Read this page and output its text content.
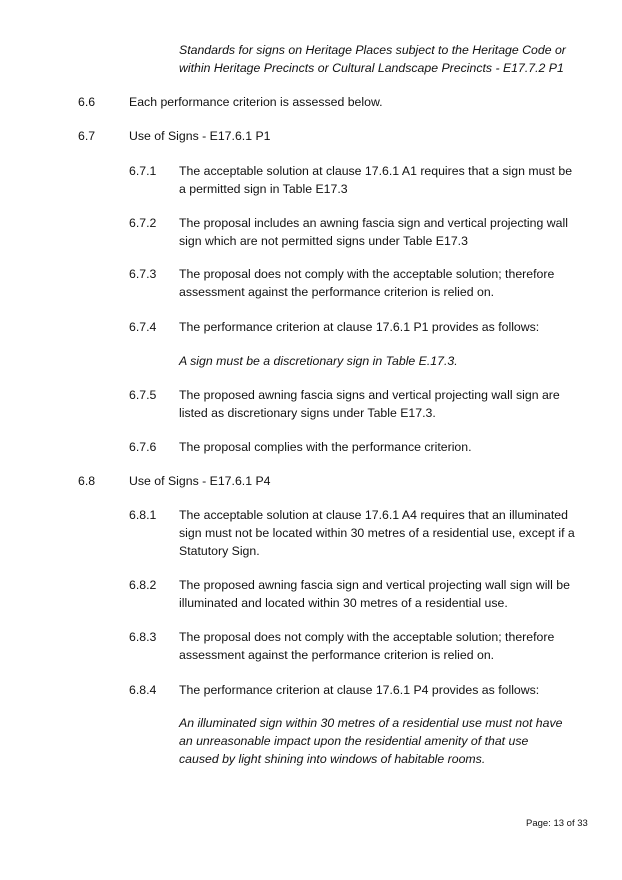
Standards for signs on Heritage Places subject to the Heritage Code or
within Heritage Precincts or Cultural Landscape Precincts - E17.7.2 P1
6.6	Each performance criterion is assessed below.
6.7	Use of Signs - E17.6.1 P1
6.7.1 The acceptable solution at clause 17.6.1 A1 requires that a sign must be
a permitted sign in Table E17.3
6.7.2 The proposal includes an awning fascia sign and vertical projecting wall
sign which are not permitted signs under Table E17.3
6.7.3 The proposal does not comply with the acceptable solution; therefore
assessment against the performance criterion is relied on.
6.7.4 The performance criterion at clause 17.6.1 P1 provides as follows:
A sign must be a discretionary sign in Table E.17.3.
6.7.5 The proposed awning fascia signs and vertical projecting wall sign are
listed as discretionary signs under Table E17.3.
6.7.6 The proposal complies with the performance criterion.
6.8	Use of Signs - E17.6.1 P4
6.8.1 The acceptable solution at clause 17.6.1 A4 requires that an illuminated
sign must not be located within 30 metres of a residential use, except if a
Statutory Sign.
6.8.2 The proposed awning fascia sign and vertical projecting wall sign will be
illuminated and located within 30 metres of a residential use.
6.8.3 The proposal does not comply with the acceptable solution; therefore
assessment against the performance criterion is relied on.
6.8.4 The performance criterion at clause 17.6.1 P4 provides as follows:
An illuminated sign within 30 metres of a residential use must not have
an unreasonable impact upon the residential amenity of that use
caused by light shining into windows of habitable rooms.
Page: 13 of 33
